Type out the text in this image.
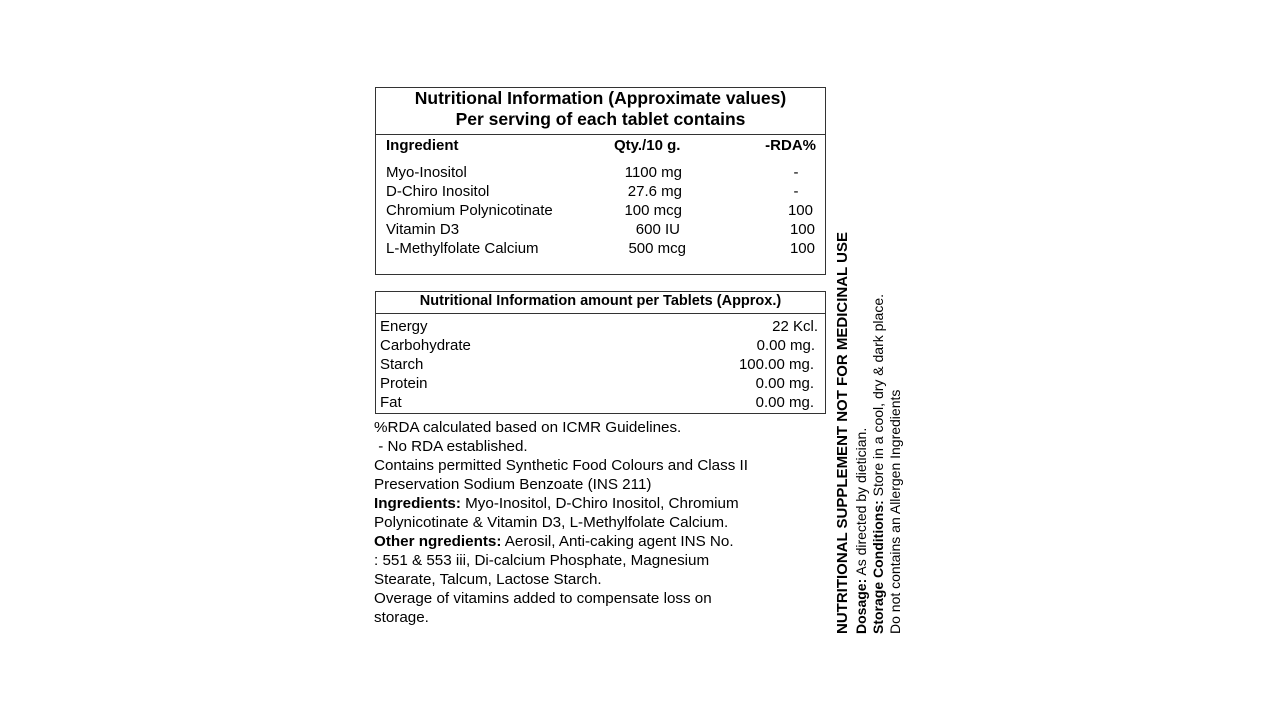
Nutritional Information (Approximate values)
Per serving of each tablet contains
Ingredient	Qty./10 g.	-RDA%
Myo-Inositol	1100 mg	-
D-Chiro Inositol	27.6 mg	-
Chromium Polynicotinate	100 mcg	100
Vitamin D3	600 IU	100
L-Methylfolate Calcium	500 mcg	100
Nutritional Information amount per Tablets (Approx.)
Energy	22 Kcl.
Carbohydrate	0.00 mg.
Starch	100.00 mg.
Protein	0.00 mg.
Fat	0.00 mg.
%RDA calculated based on ICMR Guidelines.
- No RDA established.
Contains permitted Synthetic Food Colours and Class II
Preservation Sodium Benzoate (INS 211)
Ingredients: Myo-Inositol, D-Chiro Inositol, Chromium
Polynicotinate & Vitamin D3, L-Methylfolate Calcium.
Other ngredients: Aerosil, Anti-caking agent INS No.
: 551 & 553 iii, Di-calcium Phosphate, Magnesium
Stearate, Talcum, Lactose Starch.
Overage of vitamins added to compensate loss on
storage.	NUTRITIONAL SUPPLEMENT NOT FOR MEDICINAL USE Dosage: As directed by dietician. Storage Conditions: Store in a cool, dry & dark place. Do not contains an Allergen Ingredients
